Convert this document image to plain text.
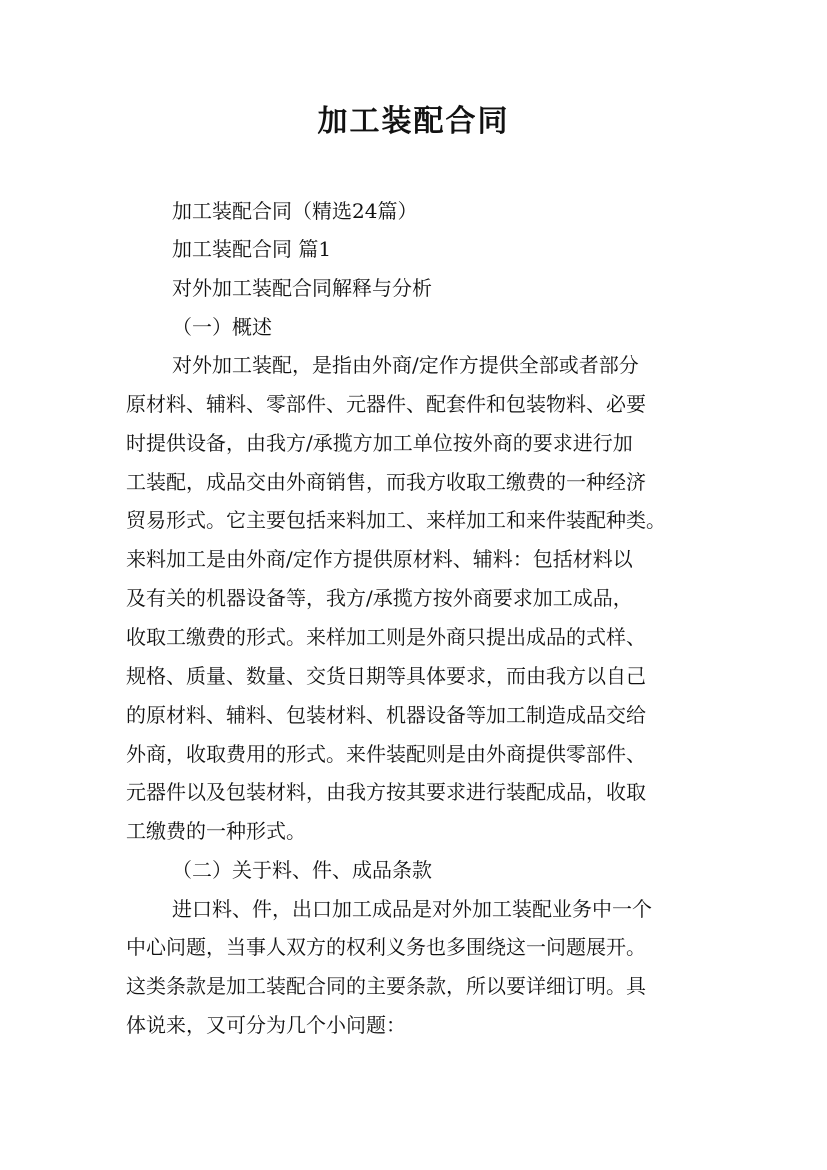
加工装配合同
加工装配合同（精选24篇）
加工装配合同 篇1
对外加工装配合同解释与分析
（一）概述
对外加工装配，是指由外商/定作方提供全部或者部分
原材料、辅料、零部件、元器件、配套件和包装物料、必要
时提供设备，由我方/承揽方加工单位按外商的要求进行加
工装配，成品交由外商销售，而我方收取工缴费的一种经济
贸易形式。它主要包括来料加工、来样加工和来件装配种类。
来料加工是由外商/定作方提供原材料、辅料：包括材料以
及有关的机器设备等，我方/承揽方按外商要求加工成品，
收取工缴费的形式。来样加工则是外商只提出成品的式样、
规格、质量、数量、交货日期等具体要求，而由我方以自己
的原材料、辅料、包装材料、机器设备等加工制造成品交给
外商，收取费用的形式。来件装配则是由外商提供零部件、
元器件以及包装材料，由我方按其要求进行装配成品，收取
工缴费的一种形式。
（二）关于料、件、成品条款
进口料、件，出口加工成品是对外加工装配业务中一个
中心问题，当事人双方的权利义务也多围绕这一问题展开。
这类条款是加工装配合同的主要条款，所以要详细订明。具
体说来，又可分为几个小问题：
